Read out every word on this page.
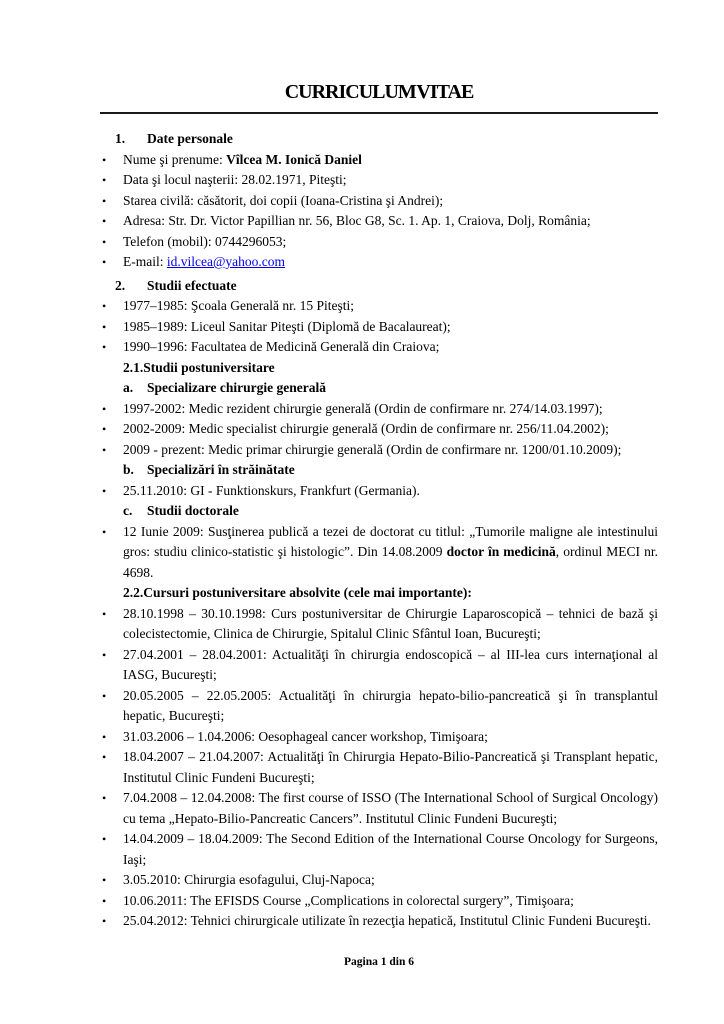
CURRICULUM VITAE
1.	Date personale
•	Nume şi prenume: Vîlcea M. Ionică Daniel
•	Data şi locul naşterii: 28.02.1971, Piteşti;
•	Starea civilă: căsătorit, doi copii (Ioana-Cristina şi Andrei);
•	Adresa: Str. Dr. Victor Papillian nr. 56, Bloc G8, Sc. 1. Ap. 1, Craiova, Dolj, România;
•	Telefon (mobil): 0744296053;
•	E-mail: id.vilcea@yahoo.com
2.	Studii efectuate
•	1977–1985: Şcoala Generală nr. 15 Piteşti;
•	1985–1989: Liceul Sanitar Piteşti (Diplomă de Bacalaureat);
•	1990–1996: Facultatea de Medicină Generală din Craiova;
2.1.Studii postuniversitare
a.	Specializare chirurgie generală
•	1997-2002: Medic rezident chirurgie generală (Ordin de confirmare nr. 274/14.03.1997);
•	2002-2009: Medic specialist chirurgie generală (Ordin de confirmare nr. 256/11.04.2002);
•	2009 - prezent: Medic primar chirurgie generală (Ordin de confirmare nr. 1200/01.10.2009);
b. Specializări în străinătate
•	25.11.2010: GI - Funktionskurs, Frankfurt (Germania).
c.	Studii doctorale
•	12 Iunie 2009: Susţinerea publică a tezei de doctorat cu titlul: „Tumorile maligne ale intestinului gros: studiu clinico-statistic şi histologic”. Din 14.08.2009 doctor în medicină, ordinul MECI nr. 4698.
2.2.Cursuri postuniversitare absolvite (cele mai importante):
•	28.10.1998 – 30.10.1998: Curs postuniversitar de Chirurgie Laparoscopică – tehnici de bază şi colecistectomie, Clinica de Chirurgie, Spitalul Clinic Sfântul Ioan, Bucureşti;
•	27.04.2001 – 28.04.2001: Actualităţi în chirurgia endoscopică – al III-lea curs internaţional al IASG, Bucureşti;
•	20.05.2005 – 22.05.2005: Actualităţi în chirurgia hepato-bilio-pancreatică şi în transplantul hepatic, Bucureşti;
•	31.03.2006 – 1.04.2006: Oesophageal cancer workshop, Timişoara;
•	18.04.2007 – 21.04.2007: Actualităţi în Chirurgia Hepato-Bilio-Pancreatică şi Transplant hepatic, Institutul Clinic Fundeni Bucureşti;
•	7.04.2008 – 12.04.2008: The first course of ISSO (The International School of Surgical Oncology) cu tema „Hepato-Bilio-Pancreatic Cancers”. Institutul Clinic Fundeni Bucureşti;
•	14.04.2009 – 18.04.2009: The Second Edition of the International Course Oncology for Surgeons, Iaşi;
•	3.05.2010: Chirurgia esofagului, Cluj-Napoca;
•	10.06.2011: The EFISDS Course „Complications in colorectal surgery”, Timişoara;
•	25.04.2012: Tehnici chirurgicale utilizate în rezecţia hepatică, Institutul Clinic Fundeni Bucureşti.
Pagina 1 din 6
